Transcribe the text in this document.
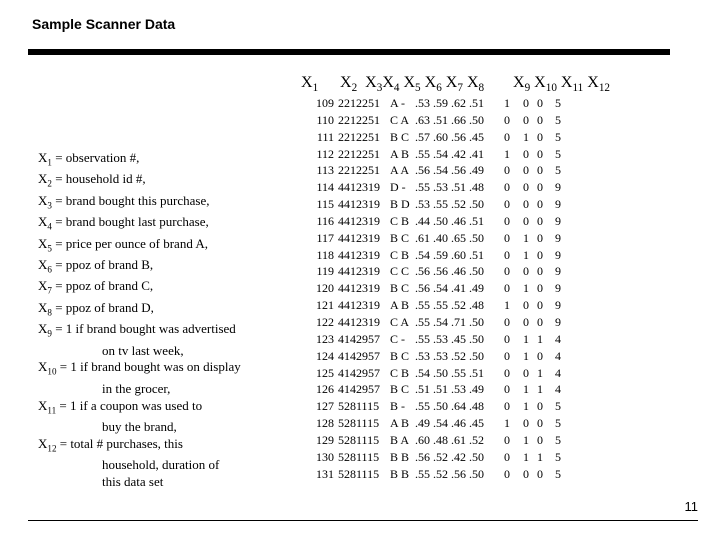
Sample Scanner Data
$X_1$ $X_2$  $X_3X_4$ $X_5$ $X_6$ $X_7$ $X_8$ $X_9$ $X_{10}$ $X_{11}$ $X_{12}$
$X_1$ = observation #,
$X_2$ = household id #,
$X_3$ = brand bought this purchase,
$X_4$ = brand bought last purchase,
$X_5$ = price per ounce of brand A,
$X_6$ = ppoz of brand B,
$X_7$ = ppoz of brand C,
$X_8$ = ppoz of brand D,
$X_9 = 1$ if brand bought was advertised
on tv last week,
$X_{10} = 1$ if brand bought was on display
in the grocer,
$X_{11} = 1$ if a coupon was used to
buy the brand,
$X_{12}$ = total # purchases, this
household, duration of
this data set
109
110
111
112
113
114
115
116
117
118
119
120
121
122
123
124
125
126
127
128
129
130
131
2212251
2212251
2212251
2212251
2212251
4412319
4412319
4412319
4412319
4412319
4412319
4412319
4412319
4412319
4142957
4142957
4142957
4142957
5281115
5281115
5281115
5281115
5281115
A -
C A
B C
A B
A A
D -
B D
C B
B C
C B
C C
B C
A B
C A
C -
B C
C B
B C
B -
A B
B A
B B
B B
.53 .59 .62 .51
.63 .51 .66 .50
.57 .60 .56 .45
.55 .54 .42 .41
.56 .54 .56 .49
.55 .53 .51 .48
.53 .55 .52 .50
.44 .50 .46 .51
.61 .40 .65 .50
.54 .59 .60 .51
.56 .56 .46 .50
.56 .54 .41 .49
.55 .55 .52 .48
.55 .54 .71 .50
.55 .53 .45 .50
.53 .53 .52 .50
.54 .50 .55 .51
.51 .51 .53 .49
.55 .50 .64 .48
.49 .54 .46 .45
.60 .48 .61 .52
.56 .52 .42 .50
.55 .52 .56 .50
1
0
0
1
0
0
0
0
0
0
0
0
1
0
0
0
0
0
0
1
0
0
0
0
0
1
0
0
0
0
0
1
1
0
1
0
0
1
1
0
1
1
0
1
1
0
0
0
0
0
0
0
0
0
0
0
0
0
0
0
1
0
1
1
0
0
0
1
0
5
5
5
5
5
9
9
9
9
9
9
9
9
9
4
4
4
4
5
5
5
5
5
11
